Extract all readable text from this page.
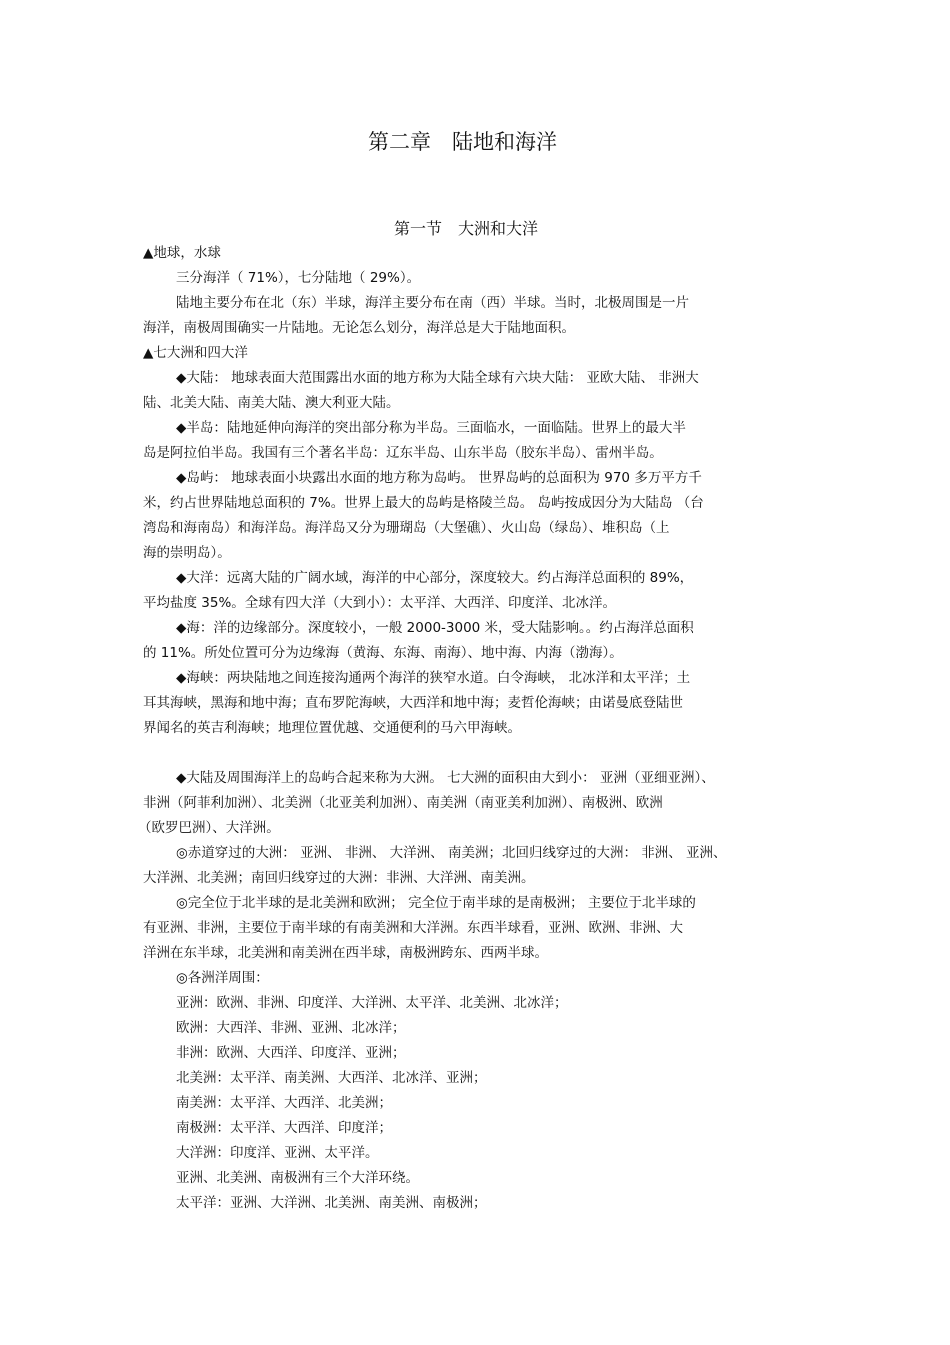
第二章　陆地和海洋
第一节　大洲和大洋
▲地球，水球
三分海洋（ 71%），七分陆地（ 29%）。
陆地主要分布在北（东）半球，海洋主要分布在南（西）半球。当时，北极周围是一片
海洋，南极周围确实一片陆地。无论怎么划分，海洋总是大于陆地面积。
▲七大洲和四大洋
◆大陆： 地球表面大范围露出水面的地方称为大陆全球有六块大陆： 亚欧大陆、 非洲大
陆、北美大陆、南美大陆、澳大利亚大陆。
◆半岛：陆地延伸向海洋的突出部分称为半岛。三面临水，一面临陆。世界上的最大半
岛是阿拉伯半岛。我国有三个著名半岛：辽东半岛、山东半岛（胶东半岛）、雷州半岛。
◆岛屿： 地球表面小块露出水面的地方称为岛屿。 世界岛屿的总面积为 970 多万平方千
米，约占世界陆地总面积的 7%。世界上最大的岛屿是格陵兰岛。 岛屿按成因分为大陆岛 （台
湾岛和海南岛）和海洋岛。海洋岛又分为珊瑚岛（大堡礁）、火山岛（绿岛）、堆积岛（上
海的崇明岛）。
◆大洋：远离大陆的广阔水域，海洋的中心部分，深度较大。约占海洋总面积的 89%，
平均盐度 35%。全球有四大洋（大到小）：太平洋、大西洋、印度洋、北冰洋。
◆海：洋的边缘部分。深度较小，一般 2000-3000 米，受大陆影响。。约占海洋总面积
的 11%。所处位置可分为边缘海（黄海、东海、南海）、地中海、内海（渤海）。
◆海峡：两块陆地之间连接沟通两个海洋的狭窄水道。白令海峡， 北冰洋和太平洋；土
耳其海峡，黑海和地中海；直布罗陀海峡，大西洋和地中海；麦哲伦海峡；由诺曼底登陆世
界闻名的英吉利海峡；地理位置优越、交通便利的马六甲海峡。
◆大陆及周围海洋上的岛屿合起来称为大洲。 七大洲的面积由大到小： 亚洲（亚细亚洲）、
非洲（阿菲利加洲）、北美洲（北亚美利加洲）、南美洲（南亚美利加洲）、南极洲、欧洲
（欧罗巴洲）、大洋洲。
◎赤道穿过的大洲： 亚洲、 非洲、 大洋洲、 南美洲；北回归线穿过的大洲： 非洲、 亚洲、
大洋洲、北美洲；南回归线穿过的大洲：非洲、大洋洲、南美洲。
◎完全位于北半球的是北美洲和欧洲； 完全位于南半球的是南极洲； 主要位于北半球的
有亚洲、非洲，主要位于南半球的有南美洲和大洋洲。东西半球看，亚洲、欧洲、非洲、大
洋洲在东半球，北美洲和南美洲在西半球，南极洲跨东、西两半球。
◎各洲洋周围：
亚洲：欧洲、非洲、印度洋、大洋洲、太平洋、北美洲、北冰洋；
欧洲：大西洋、非洲、亚洲、北冰洋；
非洲：欧洲、大西洋、印度洋、亚洲；
北美洲：太平洋、南美洲、大西洋、北冰洋、亚洲；
南美洲：太平洋、大西洋、北美洲；
南极洲：太平洋、大西洋、印度洋；
大洋洲：印度洋、亚洲、太平洋。
亚洲、北美洲、南极洲有三个大洋环绕。
太平洋：亚洲、大洋洲、北美洲、南美洲、南极洲；
